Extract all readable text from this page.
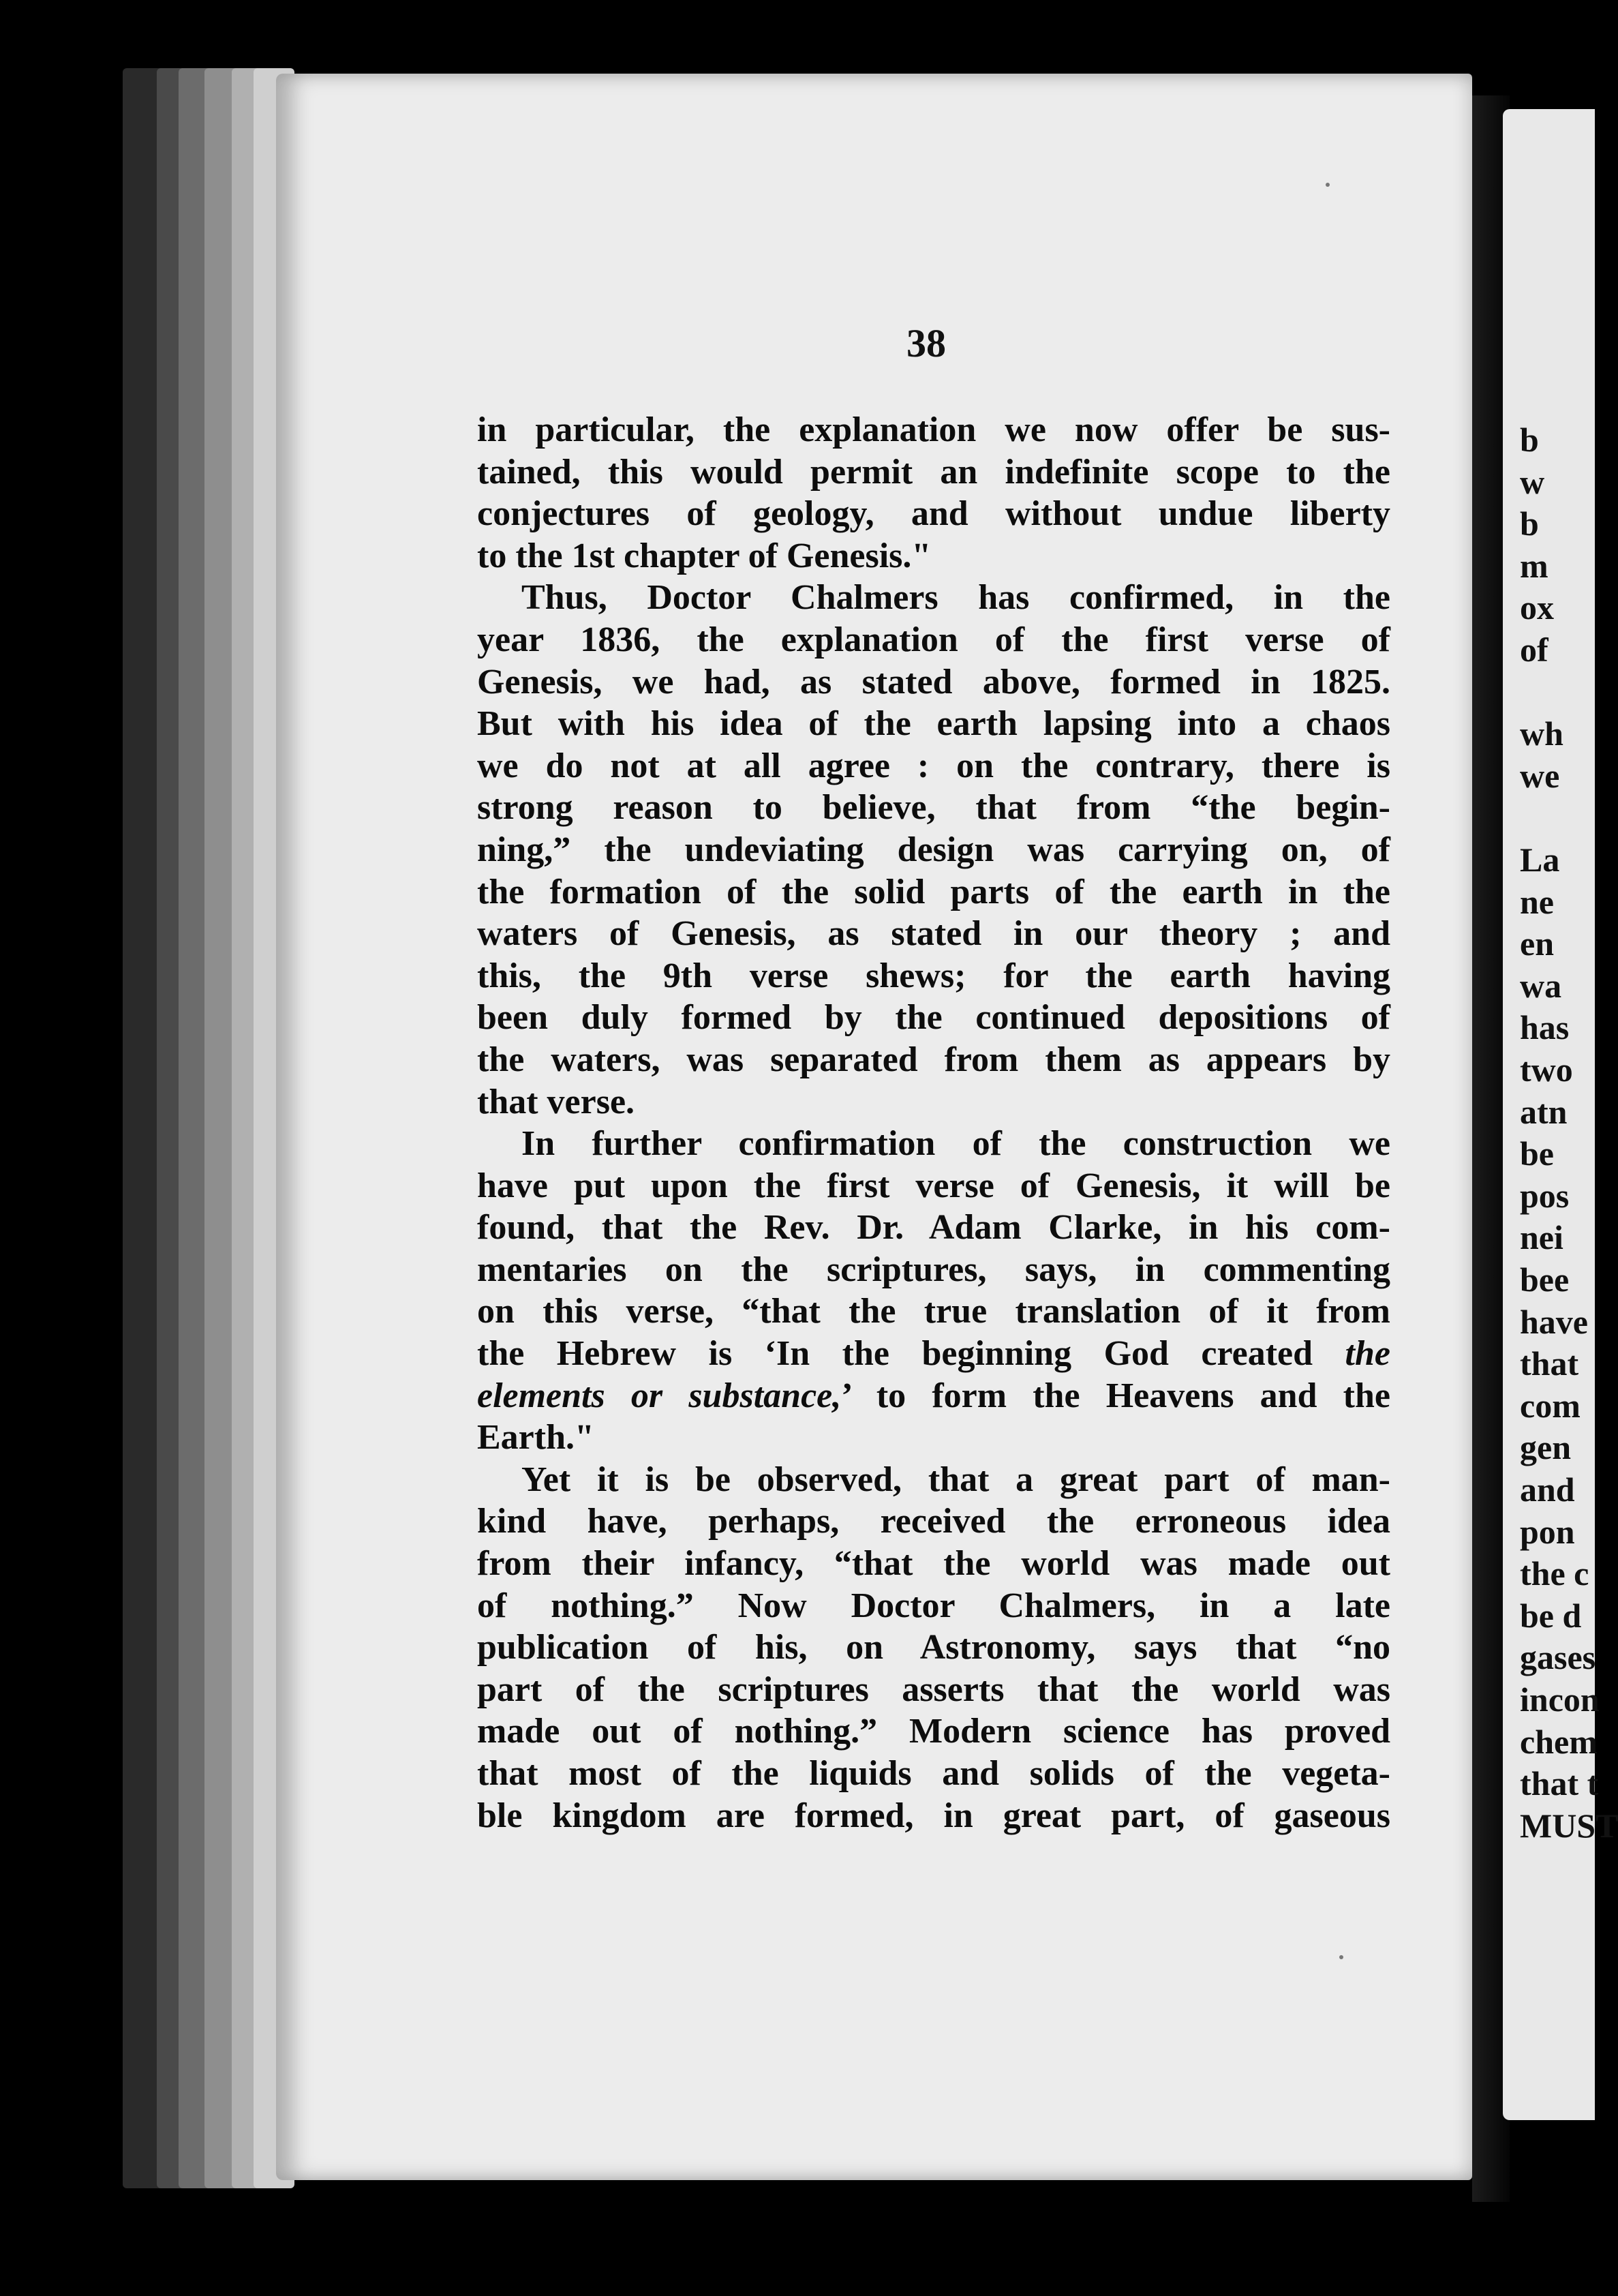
38
in particular, the explanation we now offer be sus-
tained, this would permit an indefinite scope to the
conjectures of geology, and without undue liberty
to the 1st chapter of Genesis."
Thus, Doctor Chalmers has confirmed, in the
year 1836, the explanation of the first verse of
Genesis, we had, as stated above, formed in 1825.
But with his idea of the earth lapsing into a chaos
we do not at all agree : on the contrary, there is
strong reason to believe, that from “the begin-
ning,” the undeviating design was carrying on, of
the formation of the solid parts of the earth in the
waters of Genesis, as stated in our theory ; and
this, the 9th verse shews; for the earth having
been duly formed by the continued depositions of
the waters, was separated from them as appears by
that verse.
In further confirmation of the construction we
have put upon the first verse of Genesis, it will be
found, that the Rev. Dr. Adam Clarke, in his com-
mentaries on the scriptures, says, in commenting
on this verse, “that the true translation of it from
the Hebrew is ‘In the beginning God created the
elements or substance,’ to form the Heavens and the
Earth."
Yet it is be observed, that a great part of man-
kind have, perhaps, received the erroneous idea
from their infancy, “that the world was made out
of nothing.” Now Doctor Chalmers, in a late
publication of his, on Astronomy, says that “no
part of the scriptures asserts that the world was
made out of nothing.” Modern science has proved
that most of the liquids and solids of the vegeta-
ble kingdom are formed, in great part, of gaseous
b
w
b
m
ox
of
wh
we
La
ne
en
wa
has
two
atn
be
pos
nei
bee
have
that
com
gen
and
pon
the c
be d
gases
incon
chem
that t
MUST
